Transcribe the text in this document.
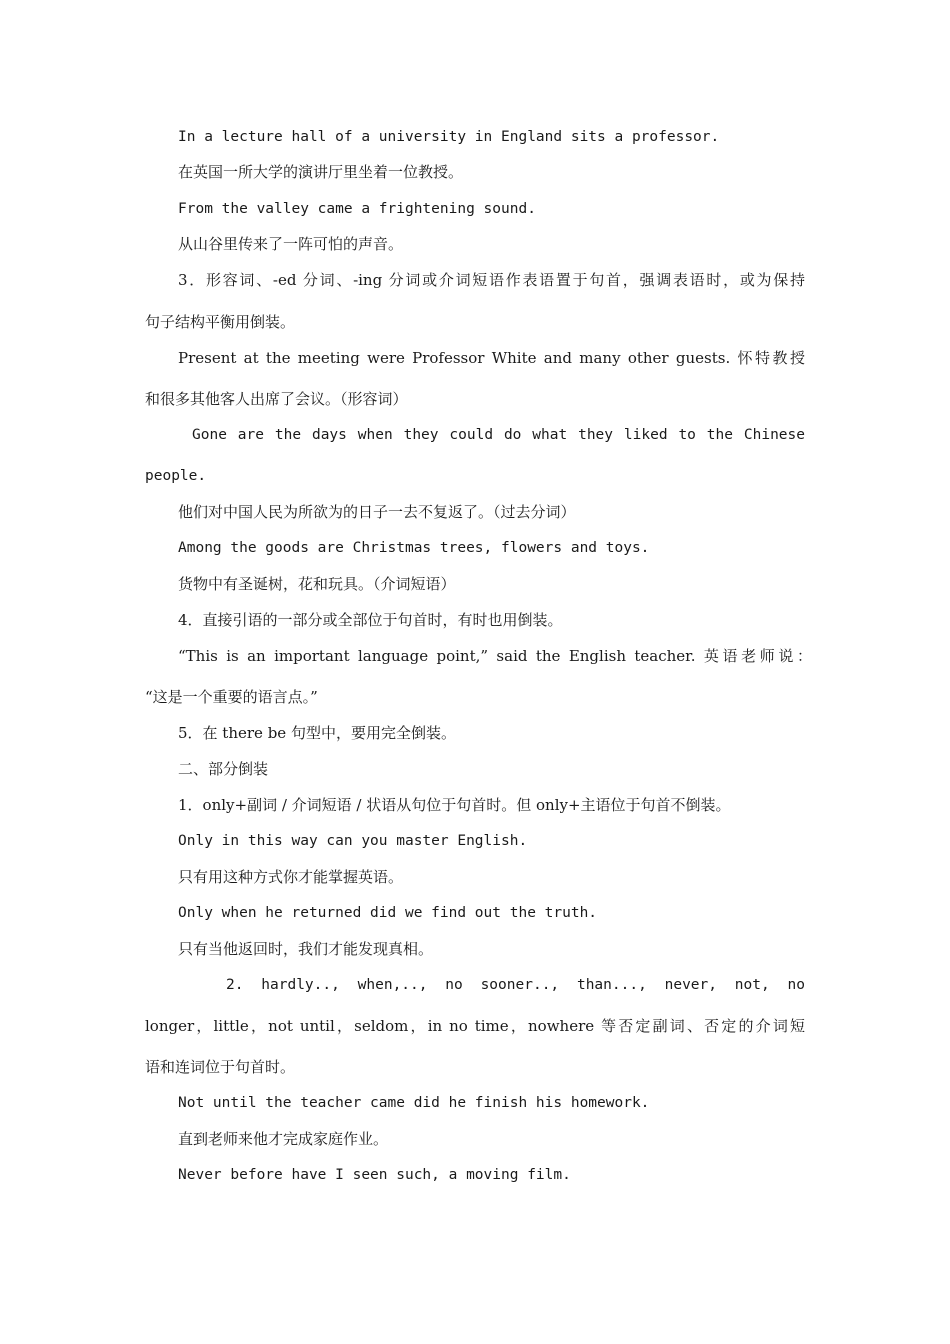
In a lecture hall of a university in England sits a professor.
在英国一所大学的演讲厅里坐着一位教授。
From the valley came a frightening sound.
从山谷里传来了一阵可怕的声音。
3．形容词、-ed 分词、-ing 分词或介词短语作表语置于句首，强调表语时，或为保持
句子结构平衡用倒装。
Present at the meeting were Professor White and many other guests. 怀特教授
和很多其他客人出席了会议。（形容词）
Gone are the days when they could do what they liked to the Chinese
people.
他们对中国人民为所欲为的日子一去不复返了。（过去分词）
Among the goods are Christmas trees, flowers and toys.
货物中有圣诞树，花和玩具。（介词短语）
4．直接引语的一部分或全部位于句首时，有时也用倒装。
“This is an important language point,” said the English teacher. 英语老师说：
“这是一个重要的语言点。”
5．在 there be 句型中，要用完全倒装。
二、部分倒装
1．only+副词 / 介词短语 / 状语从句位于句首时。但 only+主语位于句首不倒装。
Only in this way can you master English.
只有用这种方式你才能掌握英语。
Only when he returned did we find out the truth.
只有当他返回时，我们才能发现真相。
2. hardly.., when,.., no sooner.., than..., never, not, no
longer，little，not until，seldom，in no time，nowhere 等否定副词、否定的介词短
语和连词位于句首时。
Not until the teacher came did he finish his homework.
直到老师来他才完成家庭作业。
Never before have I seen such, a moving film.
